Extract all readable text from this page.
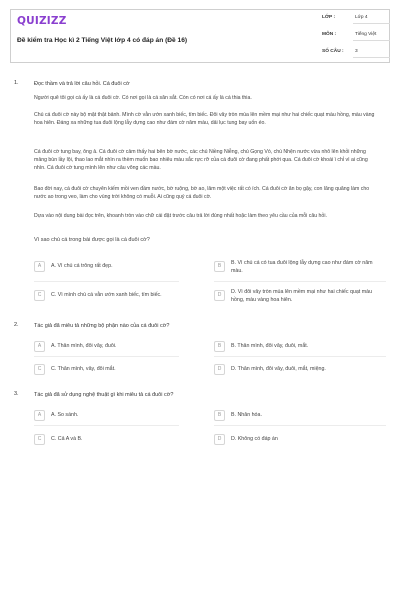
QUIZIZZ
Đề kiểm tra Học kì 2 Tiếng Việt lớp 4 có đáp án (Đề 16)
LỚP :	Lớp 4
MÔN :	Tiếng Việt
SỐ CÂU : 3
1.	Đọc thầm và trả lời câu hỏi. Cá đuôi cờ
Người quê tôi gọi cá ấy là cá đuôi cờ. Có nơi gọi là cá săn sắt. Còn có nơi cá ấy là cá thia thia.
Chú cá đuôi cờ này bộ mặt thật bảnh. Mình cờ vằn ướn xanh biếc, tím biếc. Đôi vây tròn múa lên mềm mại như hai chiếc quạt màu hồng, màu vàng hoa hiên. Đáng xa những tua đuôi lộng lẫy dựng cao như đám cờ năm màu, dải lục tung bay uốn éo.
Cá đuôi cờ tung bay, ông ả. Cá đuôi cờ cảm thấy hai bên bờ nước, các chú Niềng Niễng, chú Gọng Vó, chú Nhện nước vừa nhô lên khỏi những mảng bùn lầy lội, thao lao mắt nhìn ra thèm muốn bao nhiêu màu sắc rực rỡ của cá đuôi cờ đang phất phới qua. Cá đuôi cờ khoái ì chỉ vì ai cũng nhìn. Cá đuôi cờ tung mình lên như câu võng các màu.
Bao đời nay, cá đuôi cờ chuyên kiếm mồi ven đầm nước, bờ ruộng, bờ ao, lâm một việc rất có ích. Cá đuôi cờ ăn bọ gậy, con lăng quăng làm cho nước ao trong veo, làm cho vùng trời không có muỗi. Ai cũng quý cá đuôi cờ.
Dựa vào nội dung bài đọc trên, khoanh tròn vào chữ cái đặt trước câu trả lời đúng nhất hoặc làm theo yêu cầu của mỗi câu hỏi.
Vì sao chú cá trong bài được gọi là cá đuôi cờ?
A	A. Vì chú cá trông rất đẹp.	B	B. Vì chú cá có tua đuôi lộng lẫy dựng cao như đám cờ năm màu.
C	C. Vì mình chú cá vằn ướn xanh biếc, tím biếc.	D	D. Vì đôi vây tròn múa lên mềm mại như hai chiếc quạt màu hồng, màu vàng hoa hiên.
2.	Tác giả đã miêu tả những bộ phận nào của cá đuôi cờ?
A	A. Thân mình, đôi vây, đuôi.	B	B. Thân mình, đôi vây, đuôi, mắt.
C	C. Thân mình, vây, đôi mắt.	D	D. Thân mình, đôi vây, đuôi, mắt, miệng.
3.	Tác giả đã sử dụng nghệ thuật gì khi miêu tả cá đuôi cờ?
A	A. So sánh.	B	B. Nhân hóa.
C	C. Cả A và B.	D	D. Không có đáp án
